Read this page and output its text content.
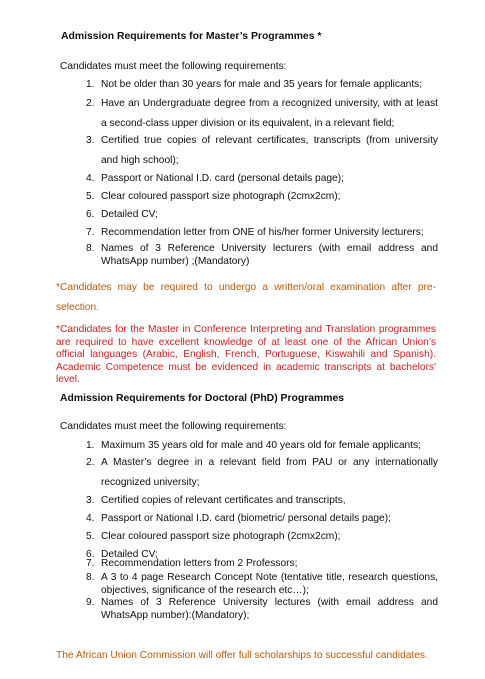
Admission Requirements for Master’s Programmes *
Candidates must meet the following requirements:
1. Not be older than 30 years for male and 35 years for female applicants;
2. Have an Undergraduate degree from a recognized university, with at least a second-class upper division or its equivalent, in a relevant field;
3. Certified true copies of relevant certificates, transcripts (from university and high school);
4. Passport or National I.D. card (personal details page);
5. Clear coloured passport size photograph (2cmx2cm);
6. Detailed CV;
7. Recommendation letter from ONE of his/her former University lecturers;
8. Names of 3 Reference University lecturers (with email address and WhatsApp number) ;(Mandatory)
*Candidates may be required to undergo a written/oral examination after pre-selection.
*Candidates for the Master in Conference Interpreting and Translation programmes are required to have excellent knowledge of at least one of the African Union’s official languages (Arabic, English, French, Portuguese, Kiswahili and Spanish). Academic Competence must be evidenced in academic transcripts at bachelors' level.
Admission Requirements for Doctoral (PhD) Programmes
Candidates must meet the following requirements:
1. Maximum 35 years old for male and 40 years old for female applicants;
2. A Master’s degree in a relevant field from PAU or any internationally recognized university;
3. Certified copies of relevant certificates and transcripts,
4. Passport or National I.D. card (biometric/ personal details page);
5. Clear coloured passport size photograph (2cmx2cm);
6. Detailed CV;
7. Recommendation letters from 2 Professors;
8. A 3 to 4 page Research Concept Note (tentative title, research questions, objectives, significance of the research etc…);
9. Names of 3 Reference University lectures (with email address and WhatsApp number):(Mandatory);
The African Union Commission will offer full scholarships to successful candidates.
